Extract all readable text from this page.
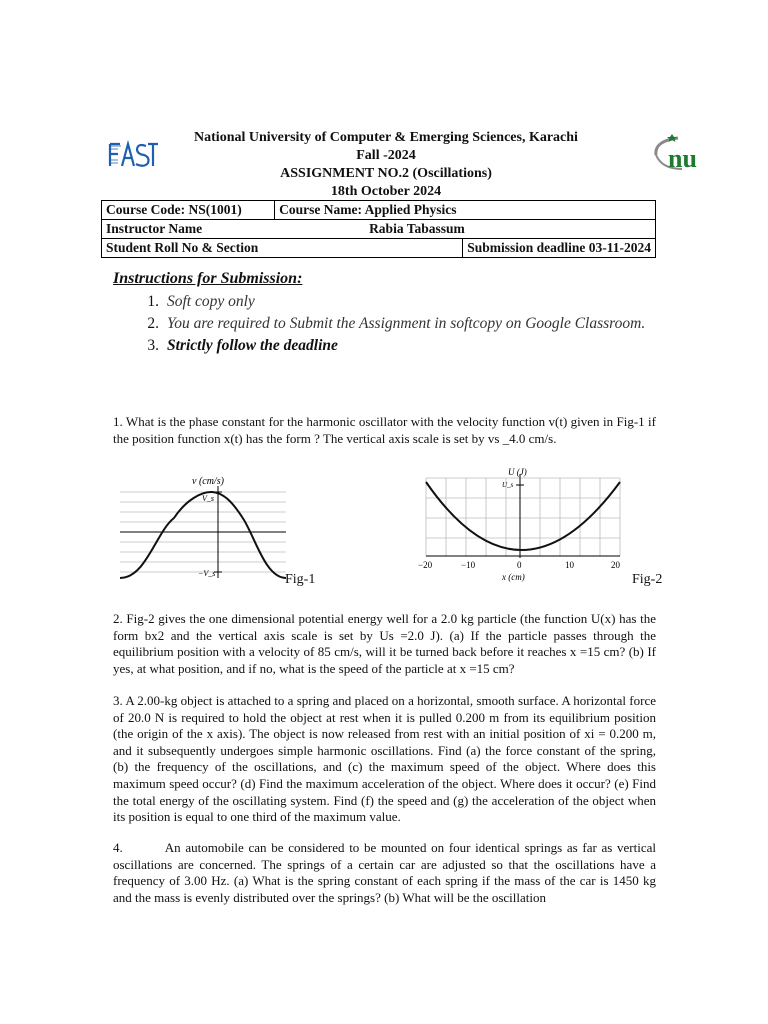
nu
National University of Computer & Emerging Sciences, Karachi
Fall -2024
ASSIGNMENT NO.2 (Oscillations)
18th October 2024
Course Code: NS(1001)	Course Name: Applied Physics		
Instructor Name		Rabia Tabassum	
Student Roll No & Section			Submission deadline 03-11-2024
Instructions for Submission:
1. Soft copy only
2. You are required to Submit the Assignment in softcopy on Google Classroom.
3. Strictly follow the deadline
1. What is the phase constant for the harmonic oscillator with the velocity function v(t) given in Fig-1 if the position function x(t) has the form ? The vertical axis scale is set by vs _4.0 cm/s.
v (cm/s)
V_s
−V_s	Fig-1
U (J)
U_s
−20	−10	0	10	20
x (cm)	Fig-2
2. Fig-2 gives the one dimensional potential energy well for a 2.0 kg particle (the function U(x) has the form bx2 and the vertical axis scale is set by Us =2.0 J). (a) If the particle passes through the equilibrium position with a velocity of 85 cm/s, will it be turned back before it reaches x =15 cm? (b) If yes, at what position, and if no, what is the speed of the particle at x =15 cm?
3. A 2.00-kg object is attached to a spring and placed on a horizontal, smooth surface. A horizontal force of 20.0 N is required to hold the object at rest when it is pulled 0.200 m from its equilibrium position (the origin of the x axis). The object is now released from rest with an initial position of xi = 0.200 m, and it subsequently undergoes simple harmonic oscillations. Find (a) the force constant of the spring, (b) the frequency of the oscillations, and (c) the maximum speed of the object. Where does this maximum speed occur? (d) Find the maximum acceleration of the object. Where does it occur? (e) Find the total energy of the oscillating system. Find (f) the speed and (g) the acceleration of the object when its position is equal to one third of the maximum value.
4.	An automobile can be considered to be mounted on four identical springs as far as vertical oscillations are concerned. The springs of a certain car are adjusted so that the oscillations have a frequency of 3.00 Hz. (a) What is the spring constant of each spring if the mass of the car is 1450 kg and the mass is evenly distributed over the springs? (b) What will be the oscillation
